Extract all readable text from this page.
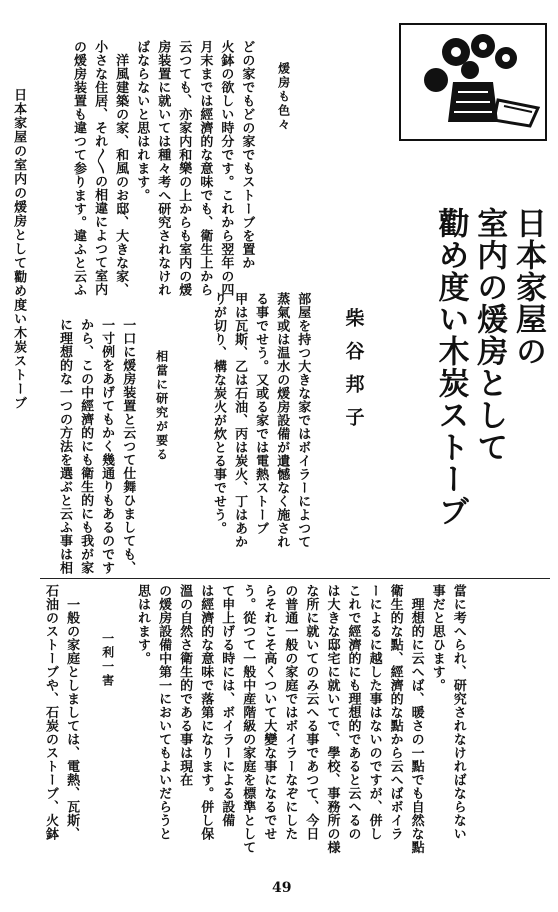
日本家屋の
室内の煖房として
勸め度い木炭ストーブ

柴谷邦子
日本家屋の室内の煖房として勸め度い木炭ストーブ	煖房も色々
どの家でもどの家でもストーブを置か
火鉢の欲しい時分です。これから翌年の四
月末までは經濟的な意味でも、衛生上から
云つても、亦家内和樂の上からも室内の煖
房装置に就いては種々考へ研究されなけれ
ばならないと思はれます。
　洋風建築の家、和風のお邸、大きな家、
小さな住居、それ〳〵の相違によつて室内
の煖房装置も違つて参ります。違ふと云ふ
部屋を持つ大きな家ではボイラーによつて
蒸氣或は温水の煖房設備が遺憾なく施され
る事でせう。又或る家では電熱ストーブ
甲は瓦斯、乙は石油、丙は炭火、丁はあか
りが切り、構な炭火が炊とる事でせう。
相當に研究が要る
一口に煖房装置と云つて仕舞ひましても、
一寸例をあげてもかく幾通りもあるのです
から、この中經濟的にも衛生的にも我が家
に理想的な一つの方法を選ぶと云ふ事は相
當に考へられ、研究されなければならない
事だと思ひます。
　理想的に云へば、暖さの一點でも自然な點
衛生的な點、經濟的な點から云へばボイラ
ーによるに越した事はないのですが、併し
これで經濟的にも理想的であると云へるの
は大きな邸宅に就いてで、學校、事務所の様
な所に就いてのみ云へる事であつて、今日
の普通一般の家庭ではボイラーなぞにした
らそれこそ高くついて大變な事になるでせ
う。從つて一般中産階級の家庭を標準として
て申上げる時には、ボイラーによる設備
は經濟的な意味で落第になります。併し保
溫の自然さ衛生的である事は現在
の煖房設備中第一においてもよいだらうと
思はれます。
一利一害
　一般の家庭としましては、電熱、瓦斯、
石油のストーブや、石炭のストーブ、火鉢
49
